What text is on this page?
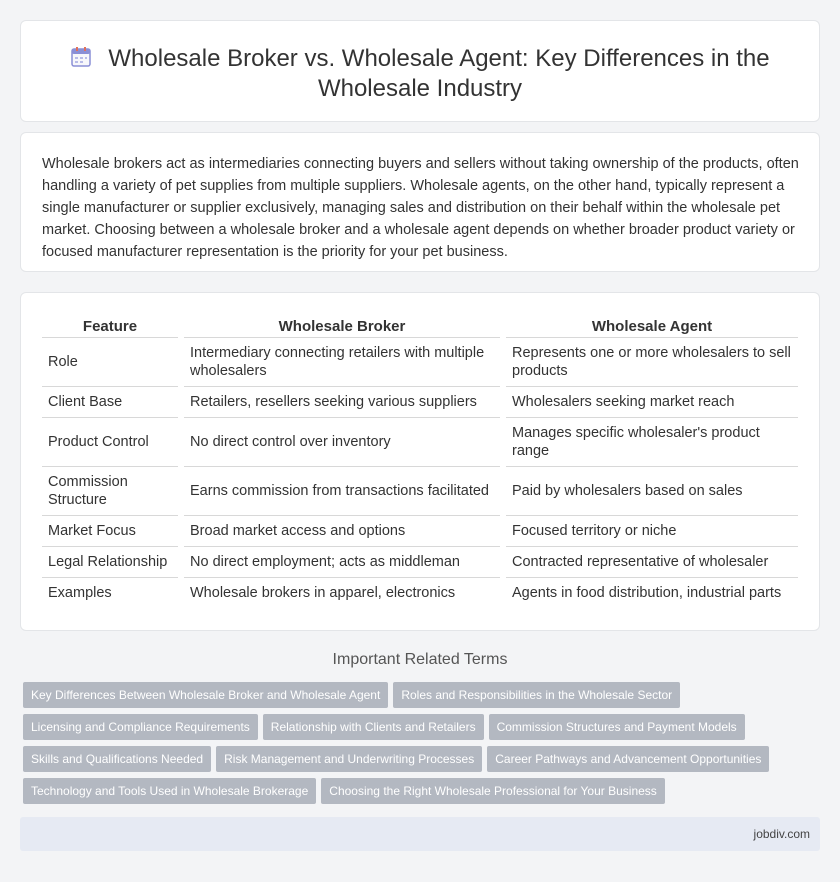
Wholesale Broker vs. Wholesale Agent: Key Differences in the
Wholesale Industry

Wholesale brokers act as intermediaries connecting buyers and sellers without taking ownership of the products, often handling a variety of pet supplies from multiple suppliers. Wholesale agents, on the other hand, typically represent a single manufacturer or supplier exclusively, managing sales and distribution on their behalf within the wholesale pet market. Choosing between a wholesale broker and a wholesale agent depends on whether broader product variety or focused manufacturer representation is the priority for your pet business.

Feature		Wholesale Broker		Wholesale Agent
Role		Intermediary connecting retailers with multiple wholesalers		Represents one or more wholesalers to sell products
Client Base		Retailers, resellers seeking various suppliers		Wholesalers seeking market reach
Product Control		No direct control over inventory		Manages specific wholesaler's product range
Commission Structure		Earns commission from transactions facilitated		Paid by wholesalers based on sales
Market Focus		Broad market access and options		Focused territory or niche
Legal Relationship		No direct employment; acts as middleman		Contracted representative of wholesaler
Examples		Wholesale brokers in apparel, electronics		Agents in food distribution, industrial parts
Important Related Terms
Key Differences Between Wholesale Broker and Wholesale Agent Roles and Responsibilities in the Wholesale Sector
Licensing and Compliance Requirements Relationship with Clients and Retailers Commission Structures and Payment Models
Skills and Qualifications Needed Risk Management and Underwriting Processes Career Pathways and Advancement Opportunities
Technology and Tools Used in Wholesale Brokerage Choosing the Right Wholesale Professional for Your Business
jobdiv.com
